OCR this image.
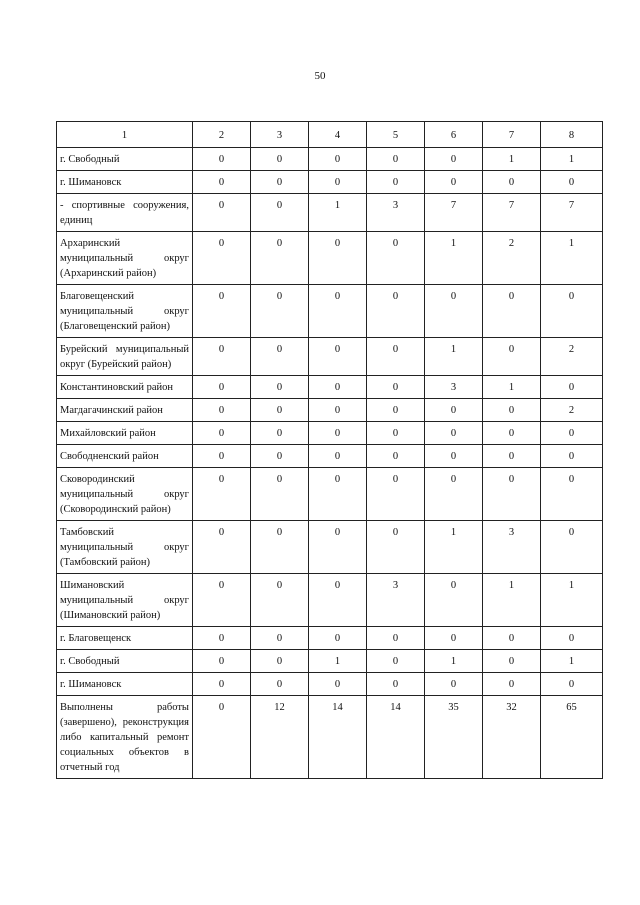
50
1	2	3	4	5	6	7	8
г. Свободный	0	0	0	0	0	1	1
г. Шимановск	0	0	0	0	0	0	0
- спортивные сооружения, единиц	0	0	1	3	7	7	7
Архаринский муниципальный округ (Архаринский район)	0	0	0	0	1	2	1
Благовещенский муниципальный округ (Благовещенский район)	0	0	0	0	0	0	0
Бурейский муниципальный округ (Бурейский район)	0	0	0	0	1	0	2
Константиновский район	0	0	0	0	3	1	0
Магдагачинский район	0	0	0	0	0	0	2
Михайловский район	0	0	0	0	0	0	0
Свободненский район	0	0	0	0	0	0	0
Сковородинский муниципальный округ (Сковородинский район)	0	0	0	0	0	0	0
Тамбовский муниципальный округ (Тамбовский район)	0	0	0	0	1	3	0
Шимановский муниципальный округ (Шимановский район)	0	0	0	3	0	1	1
г. Благовещенск	0	0	0	0	0	0	0
г. Свободный	0	0	1	0	1	0	1
г. Шимановск	0	0	0	0	0	0	0
Выполнены работы (завершено), реконструкция либо капитальный ремонт социальных объектов в отчетный год	0	12	14	14	35	32	65
